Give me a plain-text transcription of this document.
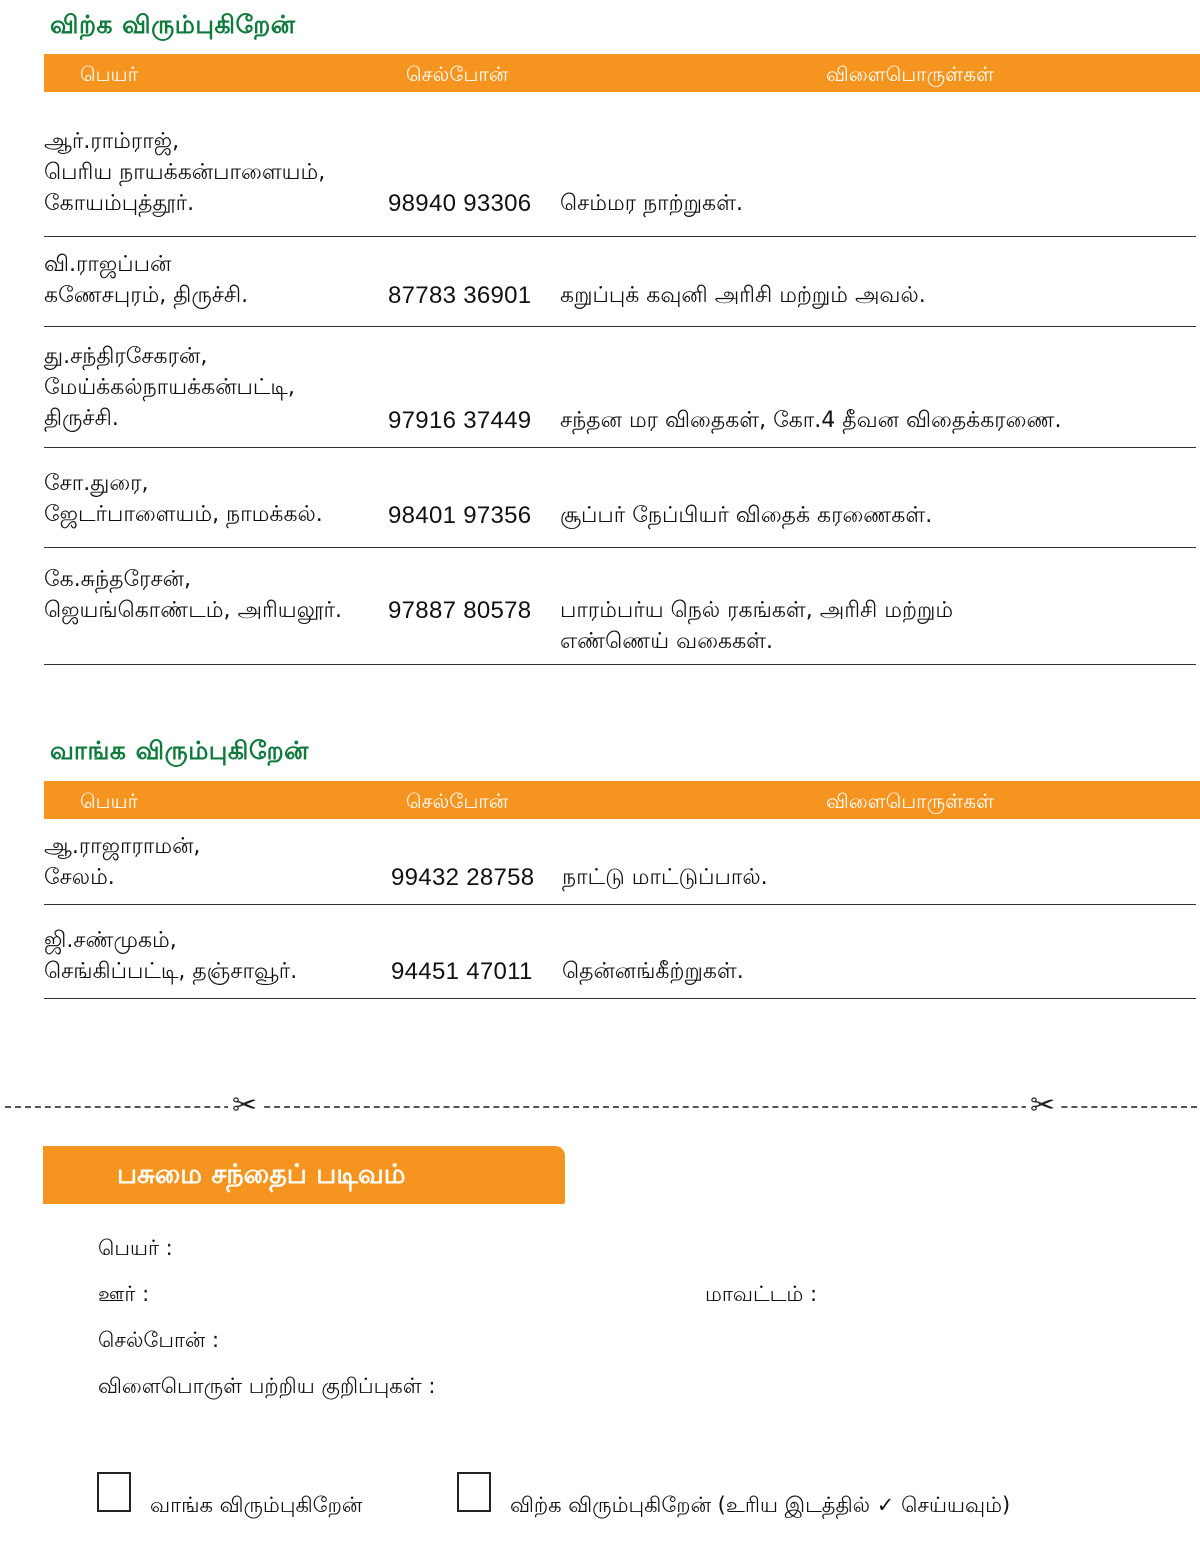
விற்க விரும்புகிறேன்
பெயர்	செல்போன்	விளைபொருள்கள்
ஆர்.ராம்ராஜ்,
பெரிய நாயக்கன்பாளையம்,
கோயம்புத்தூர்.	98940 93306 செம்மர நாற்றுகள்.
வி.ராஜப்பன்
கணேசபுரம், திருச்சி.	87783 36901 கறுப்புக் கவுனி அரிசி மற்றும் அவல்.
து.சந்திரசேகரன்,
மேய்க்கல்நாயக்கன்பட்டி,
திருச்சி.	97916 37449 சந்தன மர விதைகள், கோ.4 தீவன விதைக்கரணை.
சோ.துரை,
ஜேடர்பாளையம், நாமக்கல்.	98401 97356 சூப்பர் நேப்பியர் விதைக் கரணைகள்.
கே.சுந்தரேசன்,
ஜெயங்கொண்டம், அரியலூர். 97887 80578 பாரம்பர்ய நெல் ரகங்கள், அரிசி மற்றும்
எண்ணெய் வகைகள்.
வாங்க விரும்புகிறேன்
பெயர்	செல்போன்	விளைபொருள்கள்
ஆ.ராஜாராமன்,
சேலம்.	99432 28758 நாட்டு மாட்டுப்பால்.
ஜி.சண்முகம்,
செங்கிப்பட்டி, தஞ்சாவூர்.	94451 47011 தென்னங்கீற்றுகள்.
✂	✂
பசுமை சந்தைப் படிவம்
பெயர் :
ஊர் :	மாவட்டம் :
செல்போன் :
விளைபொருள் பற்றிய குறிப்புகள் :
வாங்க விரும்புகிறேன்	விற்க விரும்புகிறேன் (உரிய இடத்தில் ✓ செய்யவும்)
